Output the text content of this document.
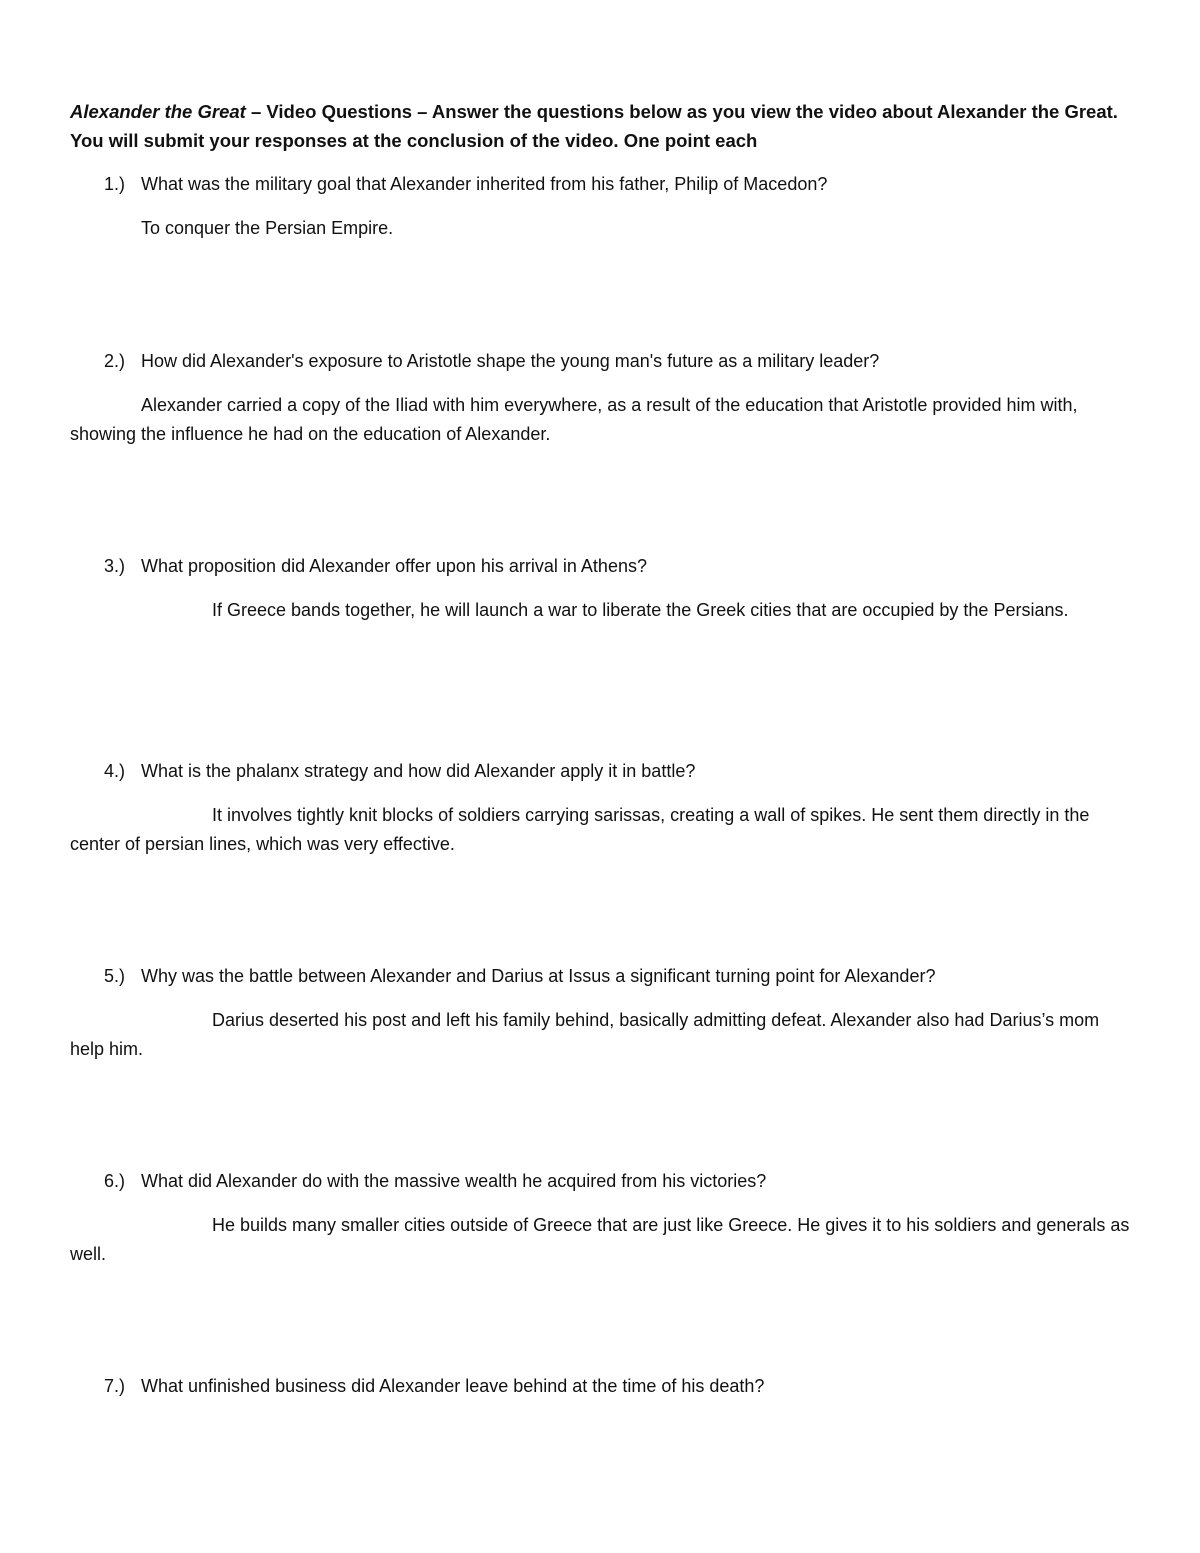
Alexander the Great – Video Questions – Answer the questions below as you view the video about Alexander the Great. You will submit your responses at the conclusion of the video. One point each
1.) What was the military goal that Alexander inherited from his father, Philip of Macedon?
To conquer the Persian Empire.
2.) How did Alexander's exposure to Aristotle shape the young man's future as a military leader?
Alexander carried a copy of the Iliad with him everywhere, as a result of the education that Aristotle provided him with, showing the influence he had on the education of Alexander.
3.) What proposition did Alexander offer upon his arrival in Athens?
If Greece bands together, he will launch a war to liberate the Greek cities that are occupied by the Persians.
4.) What is the phalanx strategy and how did Alexander apply it in battle?
It involves tightly knit blocks of soldiers carrying sarissas, creating a wall of spikes. He sent them directly in the center of persian lines, which was very effective.
5.) Why was the battle between Alexander and Darius at Issus a significant turning point for Alexander?
Darius deserted his post and left his family behind, basically admitting defeat. Alexander also had Darius’s mom help him.
6.) What did Alexander do with the massive wealth he acquired from his victories?
He builds many smaller cities outside of Greece that are just like Greece. He gives it to his soldiers and generals as well.
7.) What unfinished business did Alexander leave behind at the time of his death?
